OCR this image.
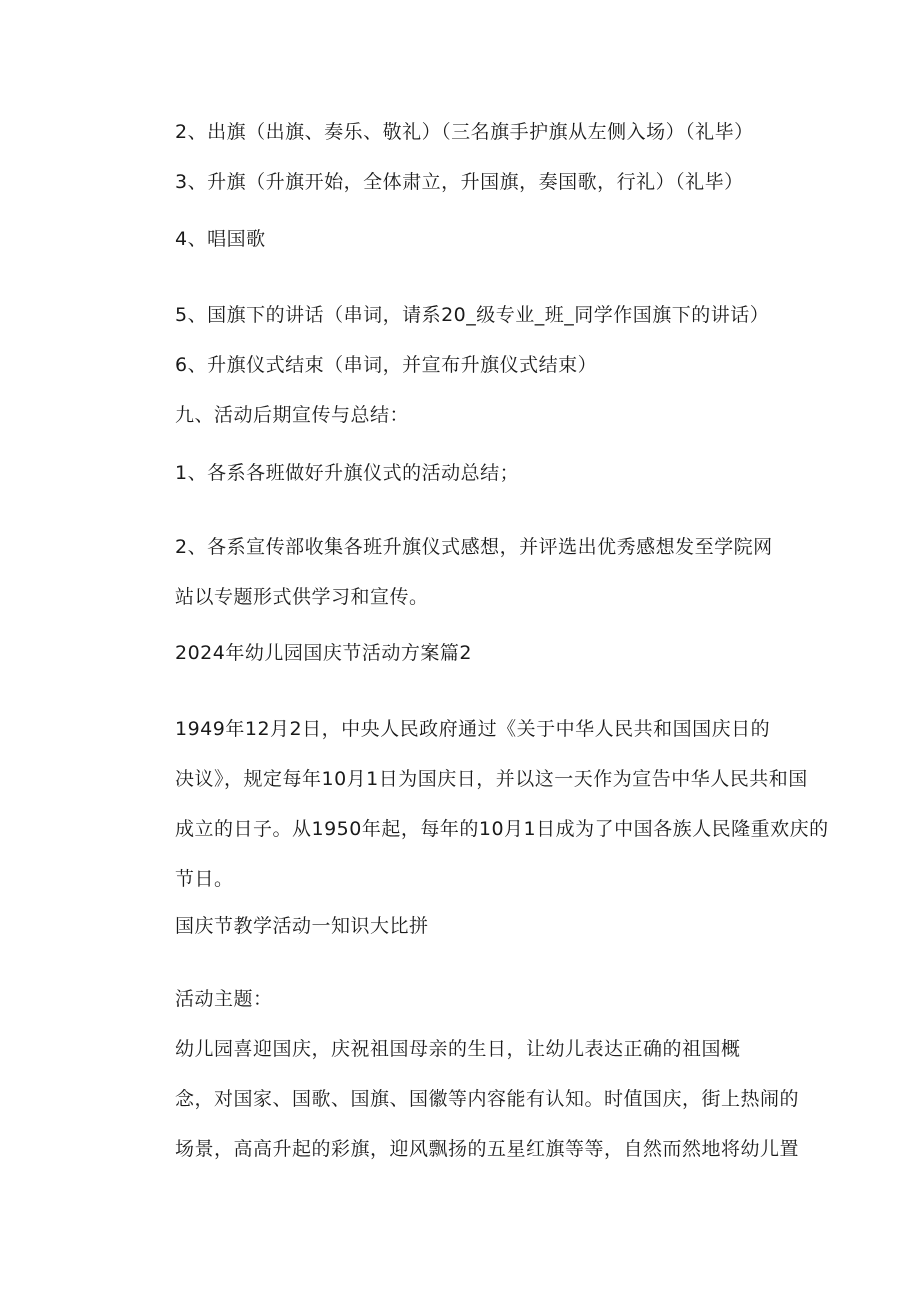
2、出旗（出旗、奏乐、敬礼）（三名旗手护旗从左侧入场）（礼毕）
3、升旗（升旗开始，全体肃立，升国旗，奏国歌，行礼）（礼毕）
4、唱国歌
5、国旗下的讲话（串词，请系20_级专业_班_同学作国旗下的讲话）
6、升旗仪式结束（串词，并宣布升旗仪式结束）
九、活动后期宣传与总结：
1、各系各班做好升旗仪式的活动总结；
2、各系宣传部收集各班升旗仪式感想，并评选出优秀感想发至学院网
站以专题形式供学习和宣传。
2024年幼儿园国庆节活动方案篇2
1949年12月2日，中央人民政府通过《关于中华人民共和国国庆日的
决议》，规定每年10月1日为国庆日，并以这一天作为宣告中华人民共和国
成立的日子。从1950年起，每年的10月1日成为了中国各族人民隆重欢庆的
节日。
国庆节教学活动一知识大比拼
活动主题：
幼儿园喜迎国庆，庆祝祖国母亲的生日，让幼儿表达正确的祖国概
念，对国家、国歌、国旗、国徽等内容能有认知。时值国庆，街上热闹的
场景，高高升起的彩旗，迎风飘扬的五星红旗等等，自然而然地将幼儿置
